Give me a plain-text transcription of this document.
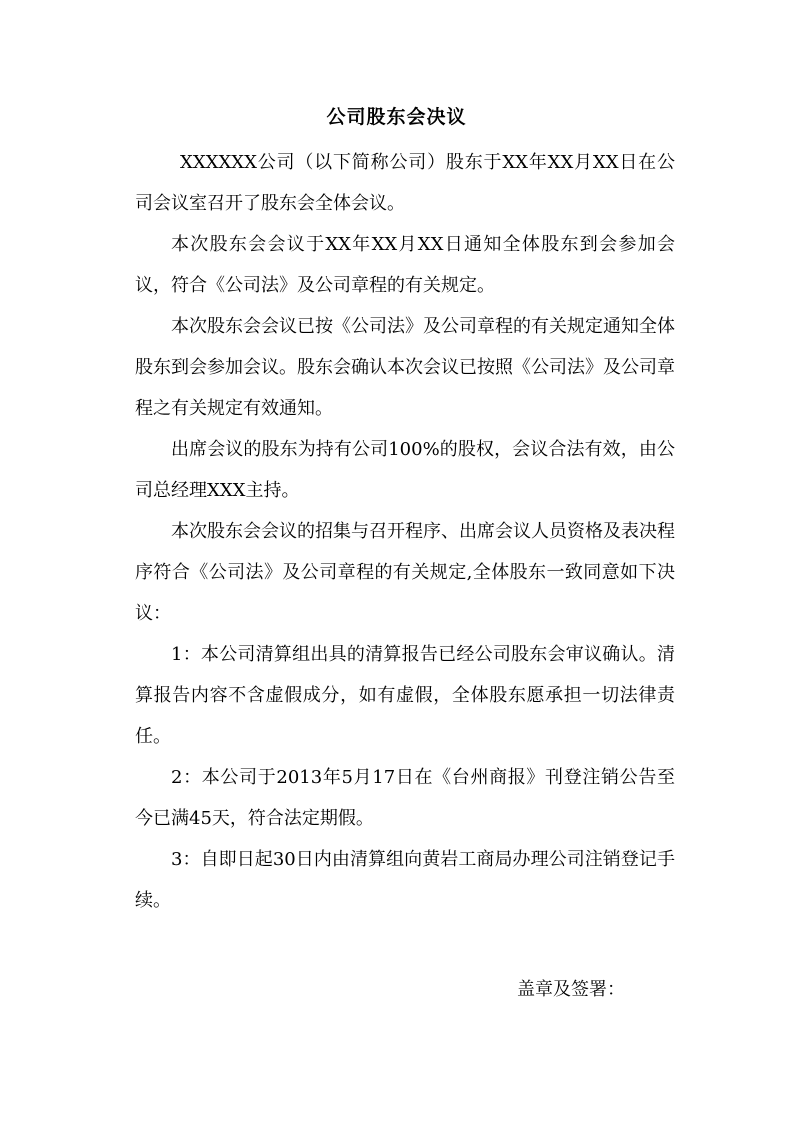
公司股东会决议

XXXXXX公司（以下简称公司）股东于XX年XX月XX日在公司会议室召开了股东会全体会议。

本次股东会会议于XX年XX月XX日通知全体股东到会参加会议，符合《公司法》及公司章程的有关规定。

本次股东会会议已按《公司法》及公司章程的有关规定通知全体股东到会参加会议。股东会确认本次会议已按照《公司法》及公司章程之有关规定有效通知。

出席会议的股东为持有公司100%的股权，会议合法有效，由公司总经理XXX主持。

本次股东会会议的招集与召开程序、出席会议人员资格及表决程序符合《公司法》及公司章程的有关规定,全体股东一致同意如下决议：

1：本公司清算组出具的清算报告已经公司股东会审议确认。清算报告内容不含虚假成分，如有虚假，全体股东愿承担一切法律责任。

2：本公司于2013年5月17日在《台州商报》刊登注销公告至今已满45天，符合法定期假。

3：自即日起30日内由清算组向黄岩工商局办理公司注销登记手续。

盖章及签署：
